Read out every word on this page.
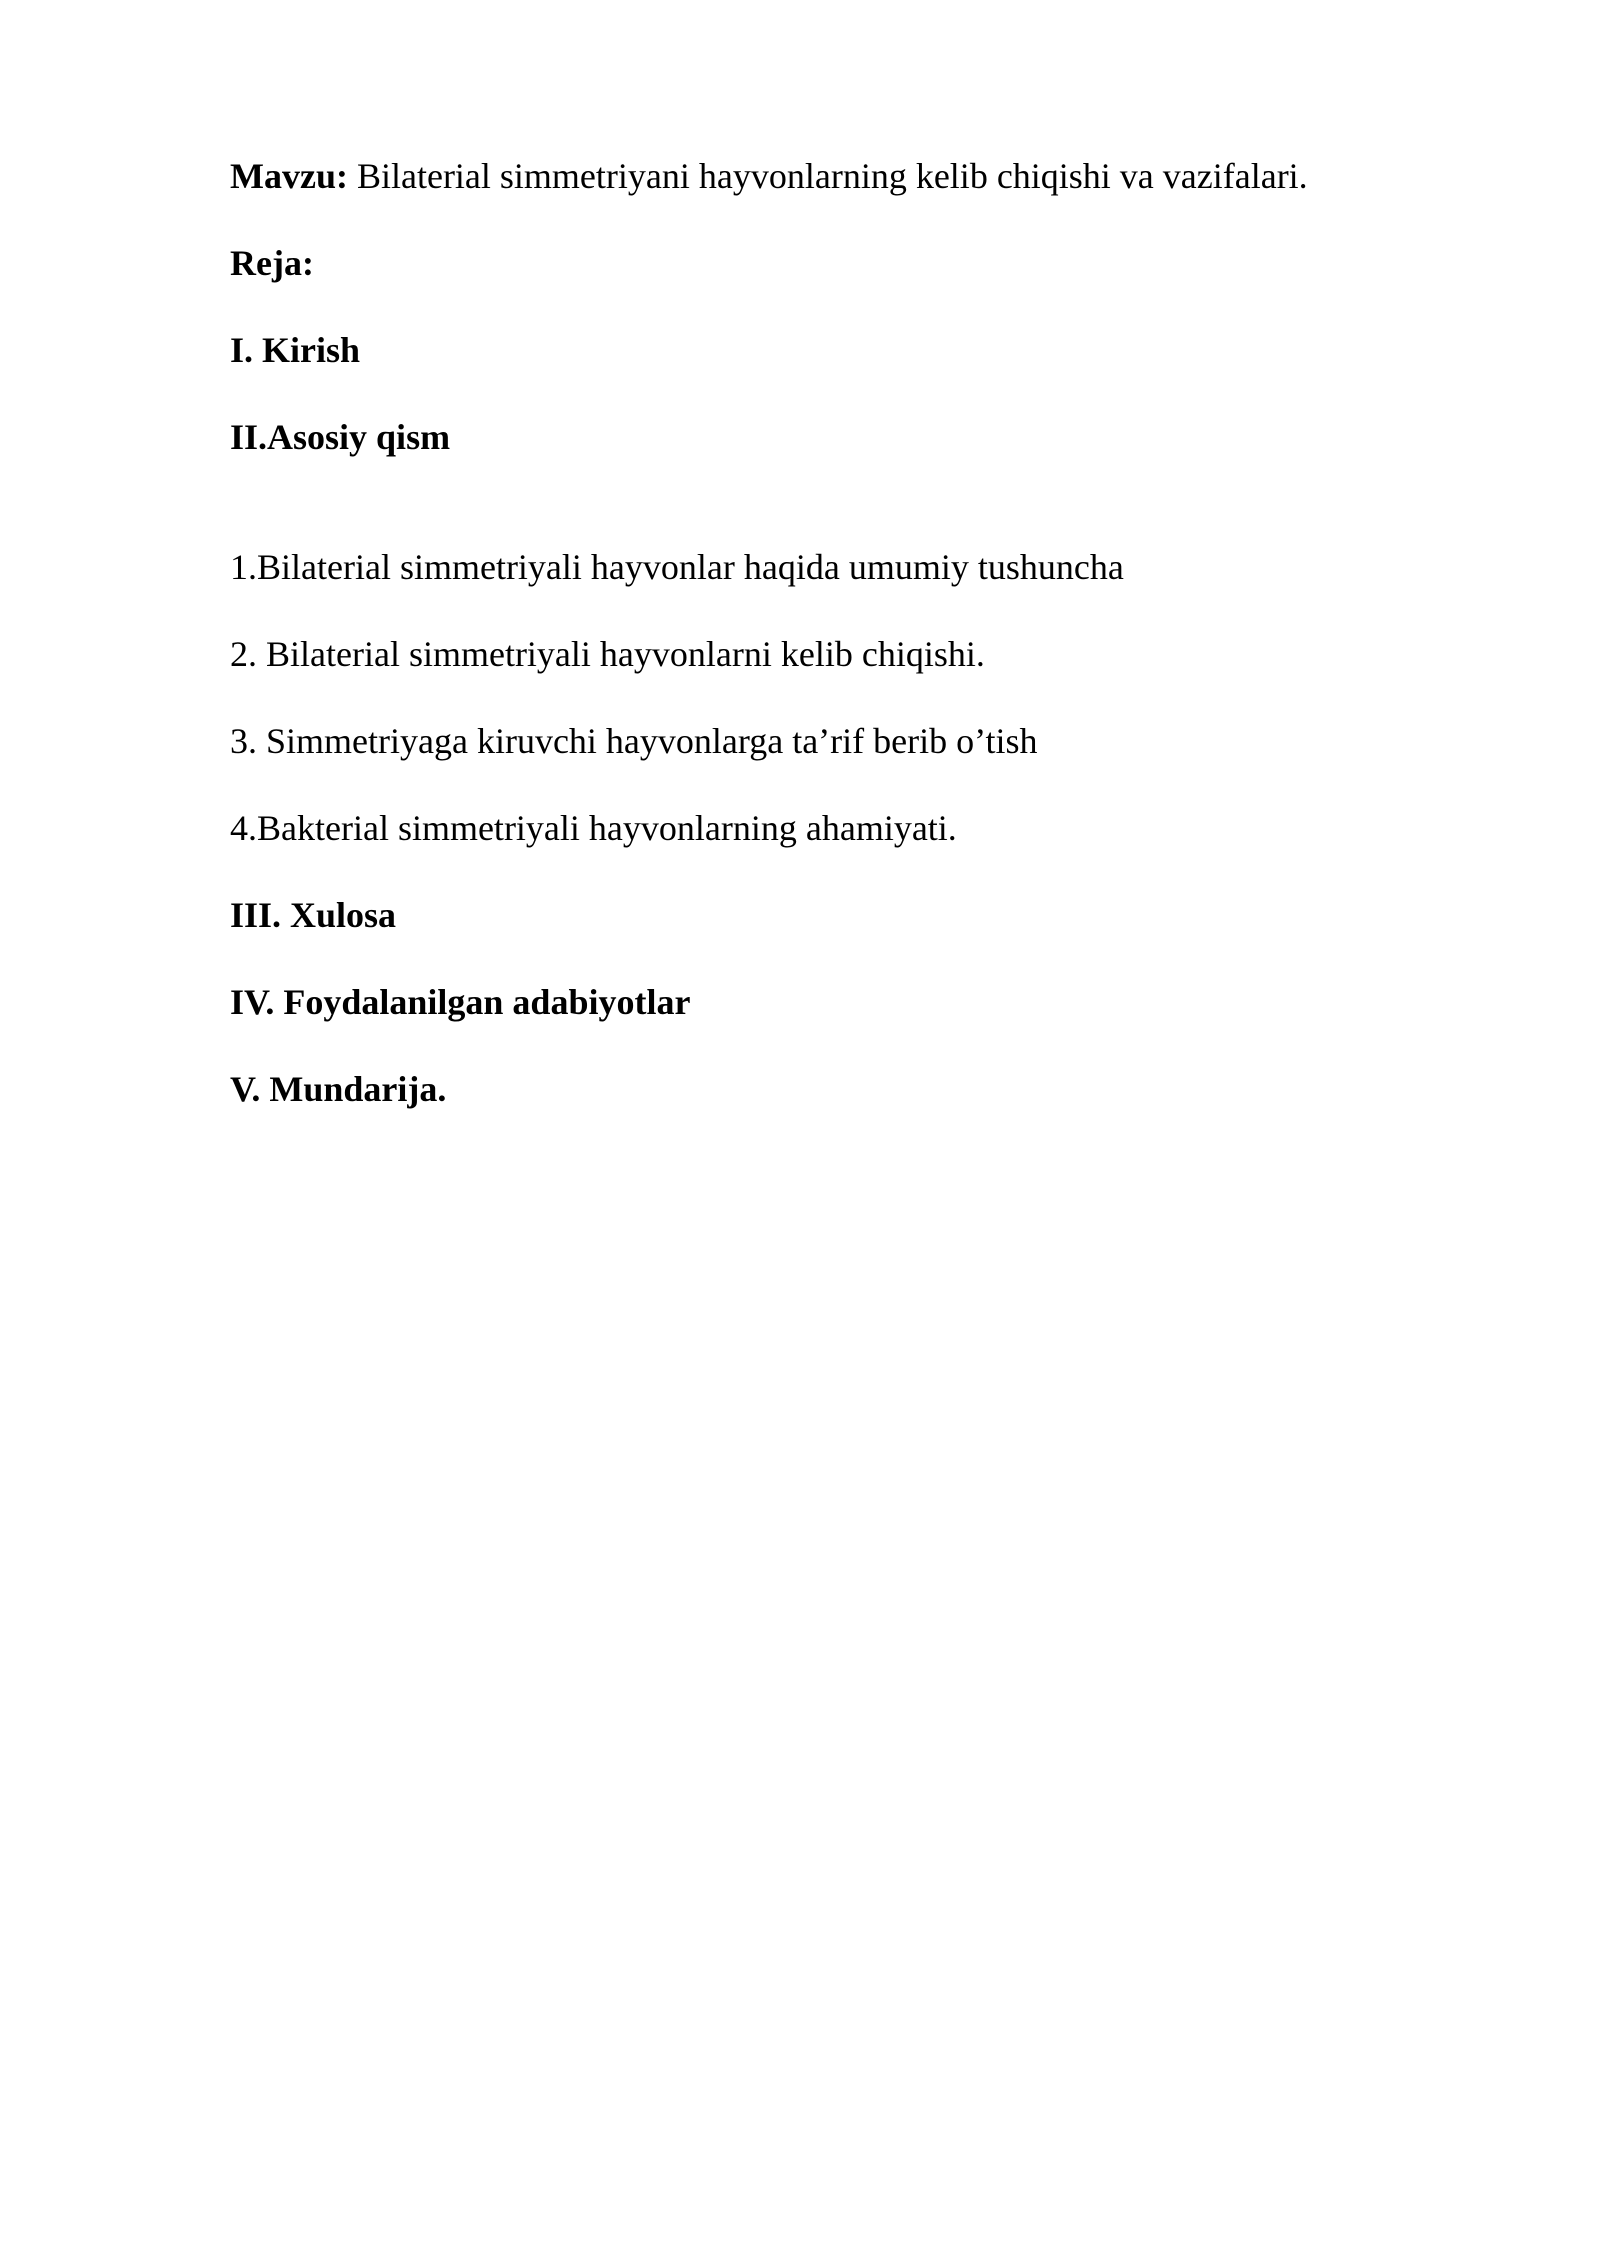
Mavzu: Bilaterial simmetriyani hayvonlarning kelib chiqishi va vazifalari.
Reja:
I. Kirish
II.Asosiy qism
1.Bilaterial simmetriyali hayvonlar haqida umumiy tushuncha
2. Bilaterial simmetriyali hayvonlarni kelib chiqishi.
3. Simmetriyaga kiruvchi hayvonlarga ta’rif berib o’tish
4.Bakterial simmetriyali hayvonlarning ahamiyati.
III. Xulosa
IV. Foydalanilgan adabiyotlar
V. Mundarija.
